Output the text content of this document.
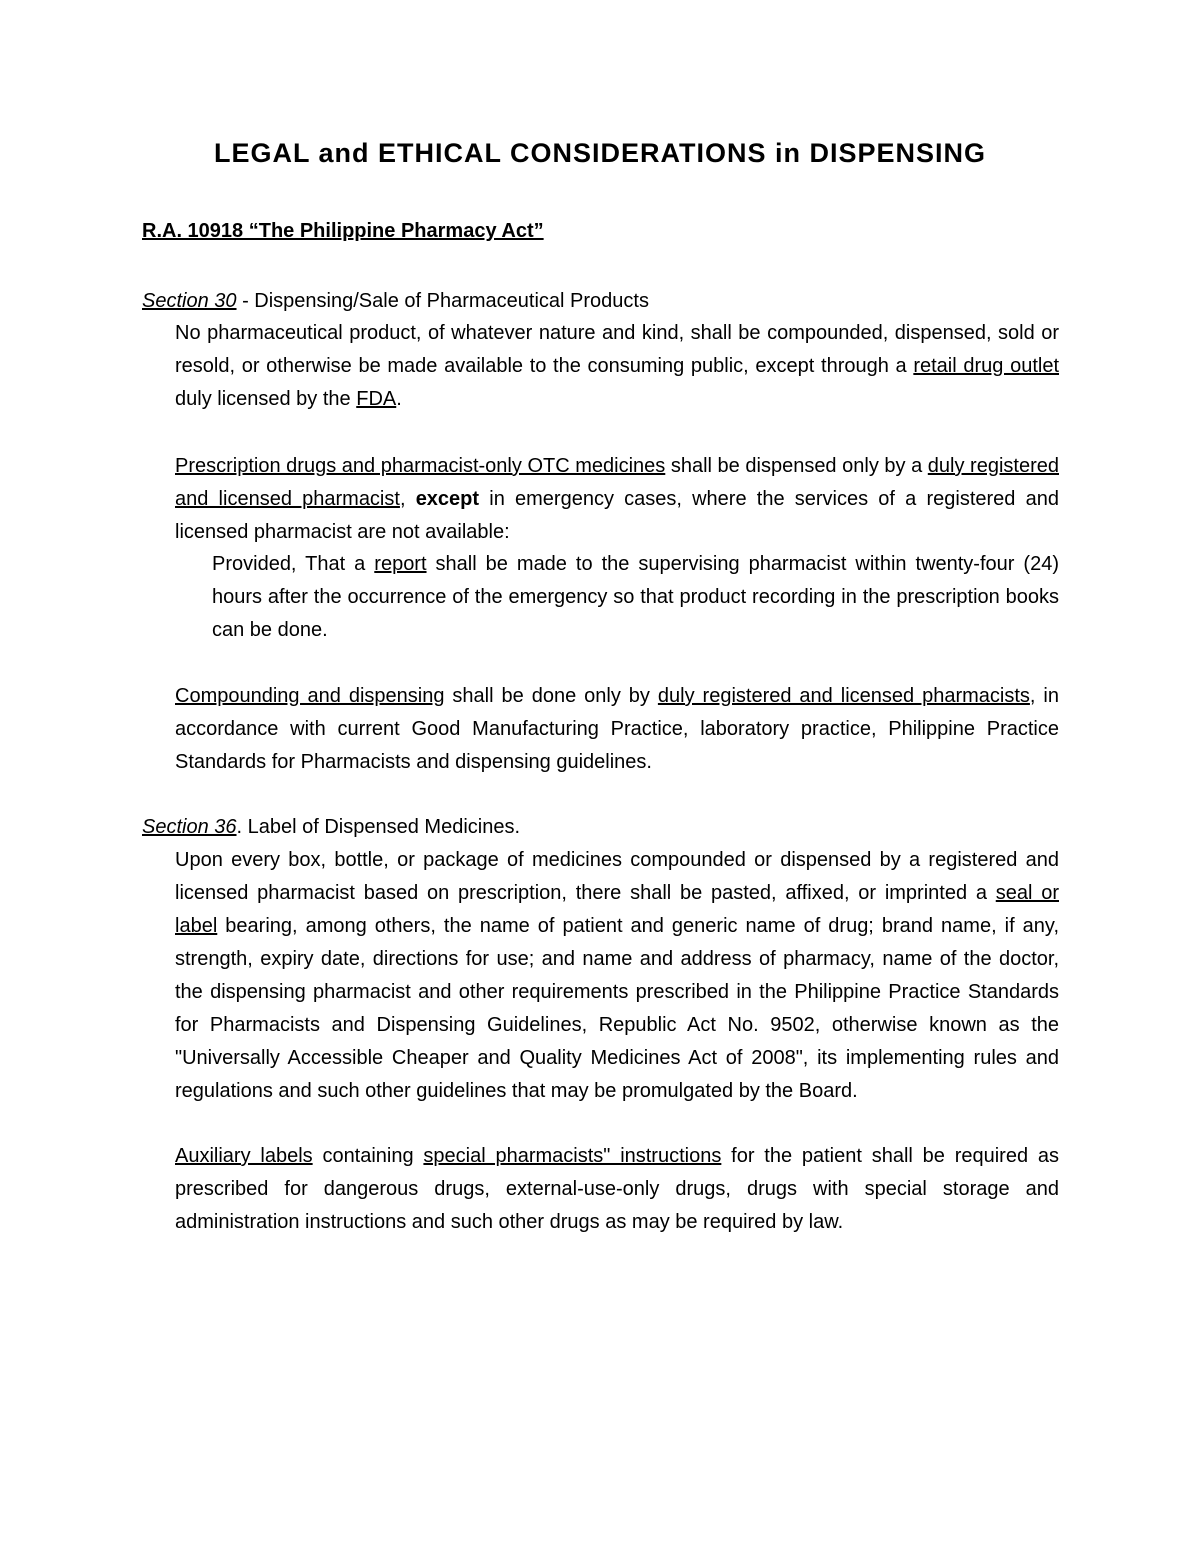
LEGAL and ETHICAL CONSIDERATIONS in DISPENSING
R.A. 10918 “The Philippine Pharmacy Act”
Section 30 - Dispensing/Sale of Pharmaceutical Products
No pharmaceutical product, of whatever nature and kind, shall be compounded, dispensed, sold or resold, or otherwise be made available to the consuming public, except through a retail drug outlet duly licensed by the FDA.
Prescription drugs and pharmacist-only OTC medicines shall be dispensed only by a duly registered and licensed pharmacist, except in emergency cases, where the services of a registered and licensed pharmacist are not available:
Provided, That a report shall be made to the supervising pharmacist within twenty-four (24) hours after the occurrence of the emergency so that product recording in the prescription books can be done.
Compounding and dispensing shall be done only by duly registered and licensed pharmacists, in accordance with current Good Manufacturing Practice, laboratory practice, Philippine Practice Standards for Pharmacists and dispensing guidelines.
Section 36. Label of Dispensed Medicines.
Upon every box, bottle, or package of medicines compounded or dispensed by a registered and licensed pharmacist based on prescription, there shall be pasted, affixed, or imprinted a seal or label bearing, among others, the name of patient and generic name of drug; brand name, if any, strength, expiry date, directions for use; and name and address of pharmacy, name of the doctor, the dispensing pharmacist and other requirements prescribed in the Philippine Practice Standards for Pharmacists and Dispensing Guidelines, Republic Act No. 9502, otherwise known as the "Universally Accessible Cheaper and Quality Medicines Act of 2008", its implementing rules and regulations and such other guidelines that may be promulgated by the Board.
Auxiliary labels containing special pharmacists" instructions for the patient shall be required as prescribed for dangerous drugs, external-use-only drugs, drugs with special storage and administration instructions and such other drugs as may be required by law.
